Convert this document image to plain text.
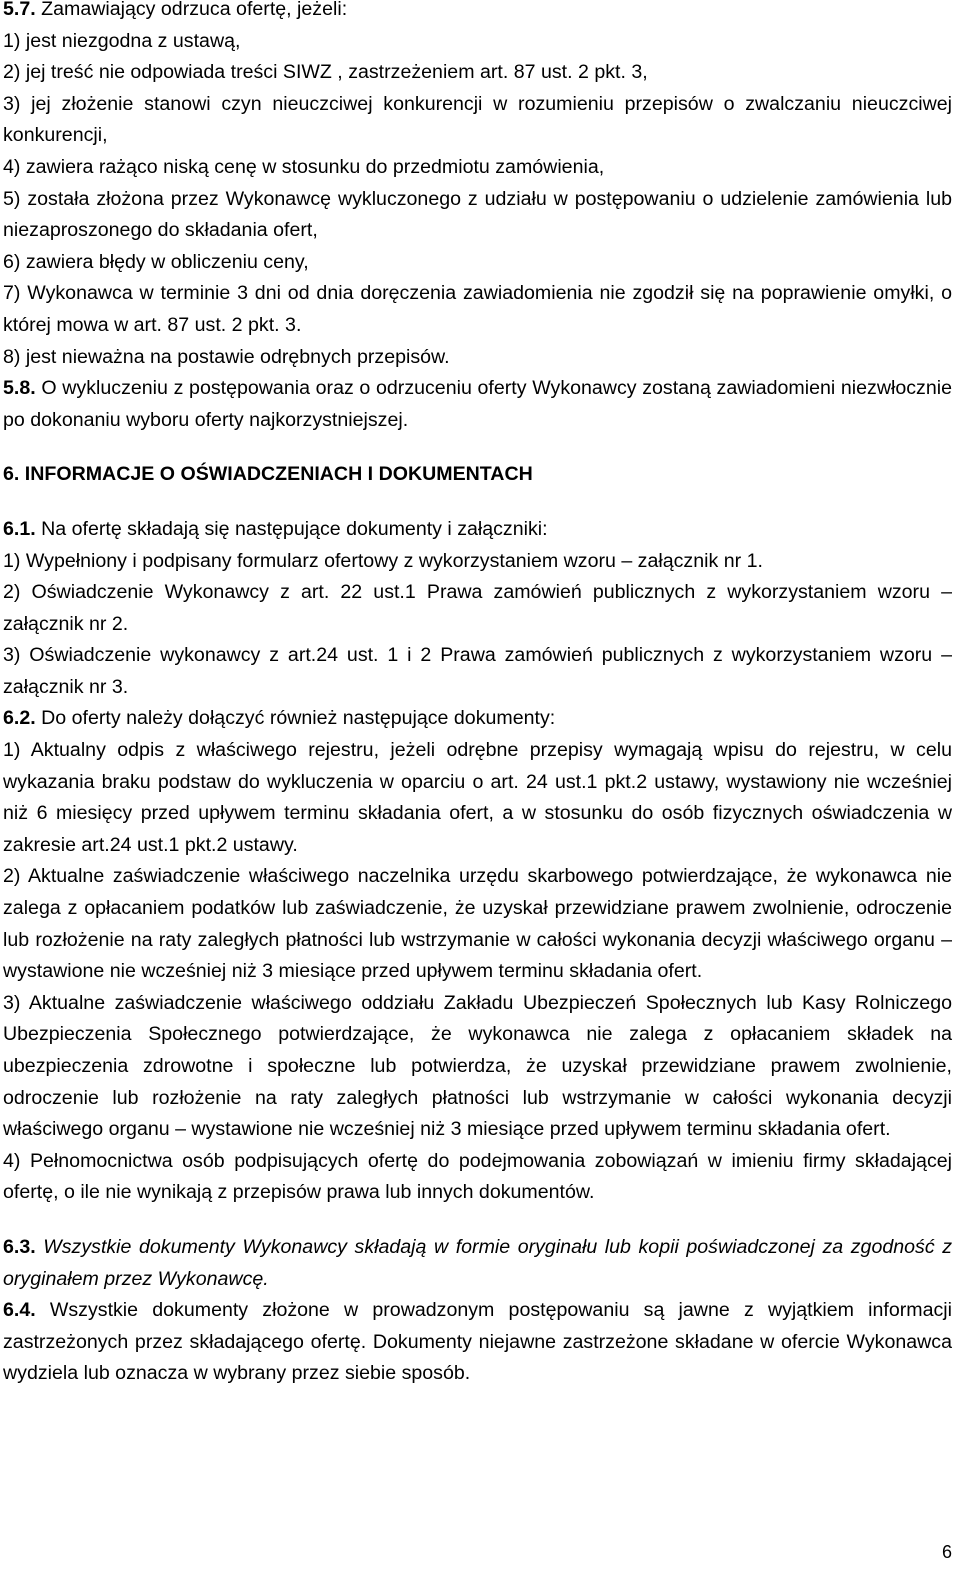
5.7. Zamawiający odrzuca ofertę, jeżeli:

1) jest niezgodna z ustawą,

2) jej treść nie odpowiada treści SIWZ , zastrzeżeniem art. 87 ust. 2 pkt. 3,

3) jej złożenie stanowi czyn nieuczciwej konkurencji w rozumieniu przepisów o zwalczaniu nieuczciwej konkurencji,

4) zawiera rażąco niską cenę w stosunku do przedmiotu zamówienia,

5) została złożona przez Wykonawcę wykluczonego z udziału w postępowaniu o udzielenie zamówienia lub niezaproszonego do składania ofert,

6) zawiera błędy w obliczeniu ceny,

7) Wykonawca w terminie 3 dni od dnia doręczenia zawiadomienia nie zgodził się na poprawienie omyłki, o której mowa w art. 87 ust. 2 pkt. 3.

8) jest nieważna na postawie odrębnych przepisów.

5.8. O wykluczeniu z postępowania oraz o odrzuceniu oferty Wykonawcy zostaną zawiadomieni niezwłocznie po dokonaniu wyboru oferty najkorzystniejszej.

6. INFORMACJE O OŚWIADCZENIACH I DOKUMENTACH

6.1. Na ofertę składają się następujące dokumenty i załączniki:

1) Wypełniony i podpisany formularz ofertowy z wykorzystaniem wzoru – załącznik nr 1.

2) Oświadczenie Wykonawcy z art. 22 ust.1 Prawa zamówień publicznych z wykorzystaniem wzoru – załącznik nr 2.

3) Oświadczenie wykonawcy z art.24 ust. 1 i 2 Prawa zamówień publicznych z wykorzystaniem wzoru – załącznik nr 3.

6.2. Do oferty należy dołączyć również następujące dokumenty:

1) Aktualny odpis z właściwego rejestru, jeżeli odrębne przepisy wymagają wpisu do rejestru, w celu wykazania braku podstaw do wykluczenia w oparciu o art. 24 ust.1 pkt.2 ustawy, wystawiony nie wcześniej niż 6 miesięcy przed upływem terminu składania ofert, a w stosunku do osób fizycznych oświadczenia w zakresie art.24 ust.1 pkt.2 ustawy.

2) Aktualne zaświadczenie właściwego naczelnika urzędu skarbowego potwierdzające, że wykonawca nie zalega z opłacaniem podatków lub zaświadczenie, że uzyskał przewidziane prawem zwolnienie, odroczenie lub rozłożenie na raty zaległych płatności lub wstrzymanie w całości wykonania decyzji właściwego organu – wystawione nie wcześniej niż 3 miesiące przed upływem terminu składania ofert.

3) Aktualne zaświadczenie właściwego oddziału Zakładu Ubezpieczeń Społecznych lub Kasy Rolniczego Ubezpieczenia Społecznego potwierdzające, że wykonawca nie zalega z opłacaniem składek na ubezpieczenia zdrowotne i społeczne lub potwierdza, że uzyskał przewidziane prawem zwolnienie, odroczenie lub rozłożenie na raty zaległych płatności lub wstrzymanie w całości wykonania decyzji właściwego organu – wystawione nie wcześniej niż 3 miesiące przed upływem terminu składania ofert.

4) Pełnomocnictwa osób podpisujących ofertę do podejmowania zobowiązań w imieniu firmy składającej ofertę, o ile nie wynikają z przepisów prawa lub innych dokumentów.

6.3. Wszystkie dokumenty Wykonawcy składają w formie oryginału lub kopii poświadczonej za zgodność z oryginałem przez Wykonawcę.

6.4. Wszystkie dokumenty złożone w prowadzonym postępowaniu są jawne z wyjątkiem informacji zastrzeżonych przez składającego ofertę. Dokumenty niejawne zastrzeżone składane w ofercie Wykonawca wydziela lub oznacza w wybrany przez siebie sposób.

6
